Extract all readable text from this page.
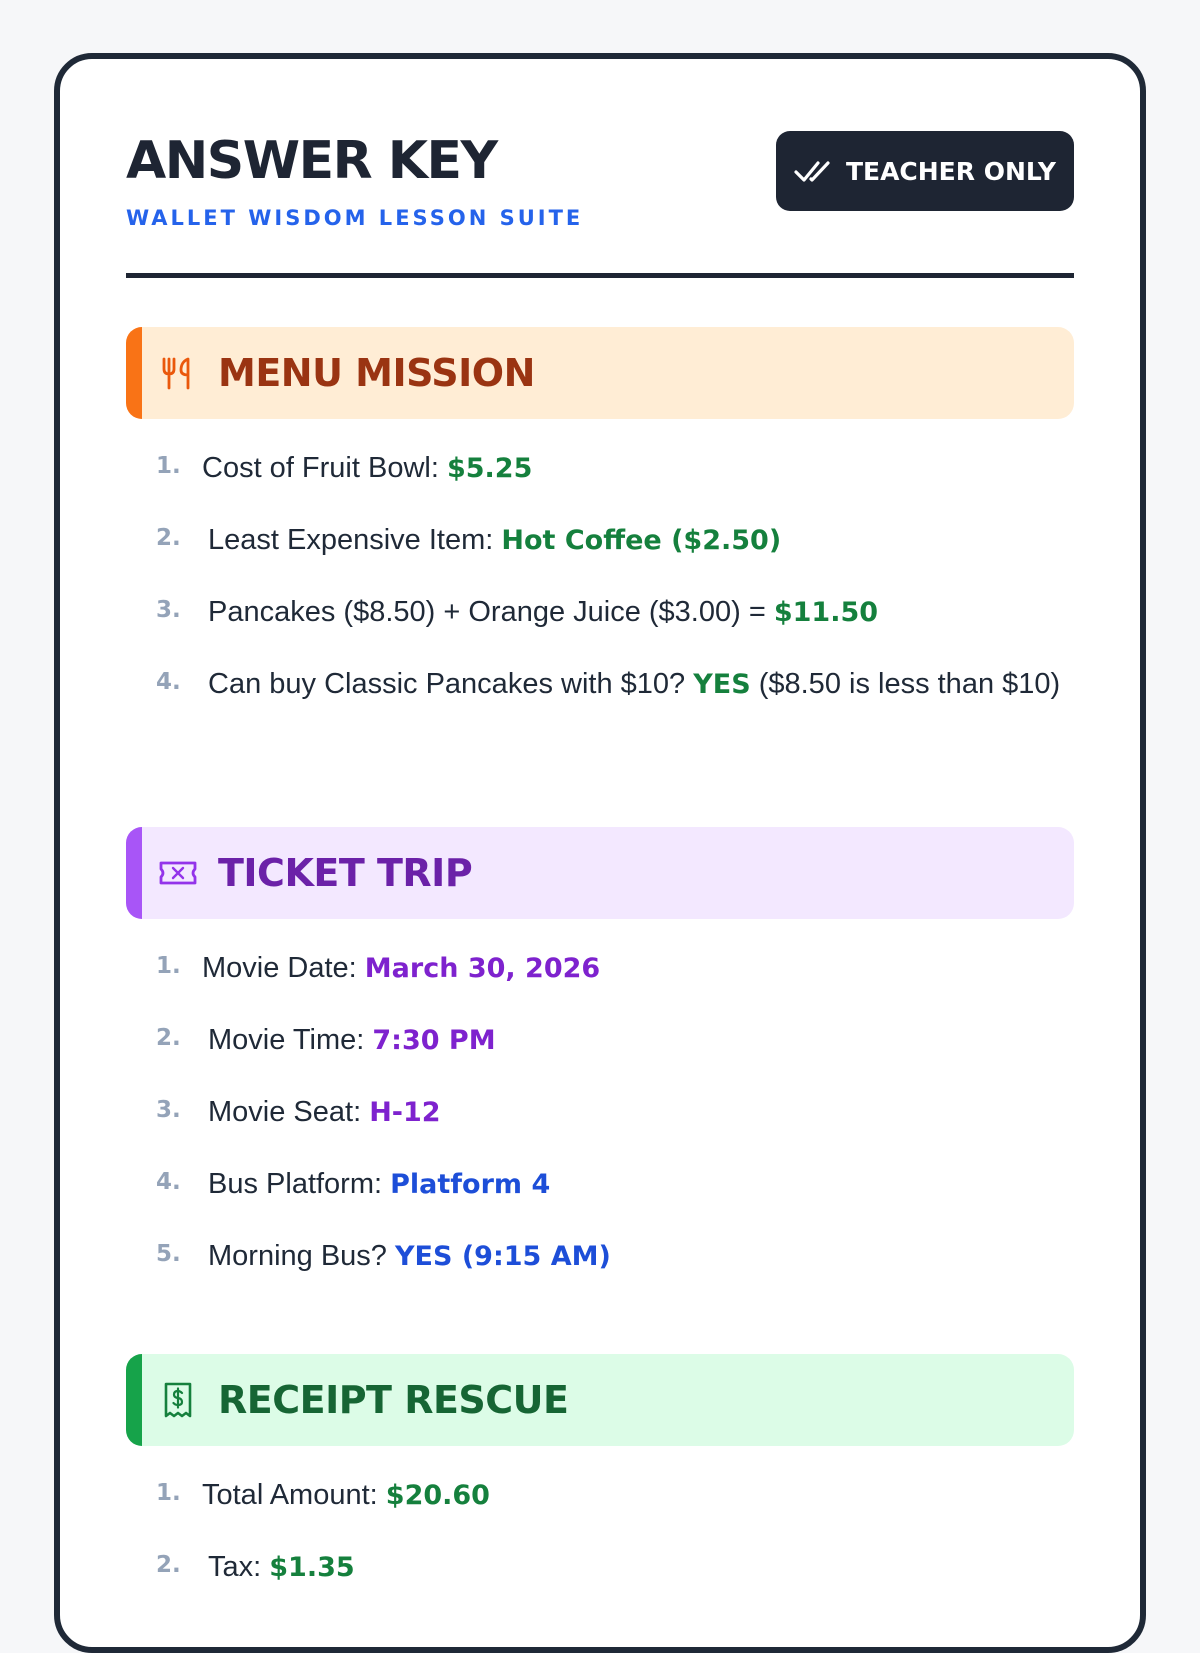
ANSWER KEY
WALLET WISDOM LESSON SUITE
TEACHER ONLY
MENU MISSION
1. Cost of Fruit Bowl: $5.25
2. Least Expensive Item: Hot Coffee ($2.50)
3. Pancakes ($8.50) + Orange Juice ($3.00) = $11.50
4. Can buy Classic Pancakes with $10? YES ($8.50 is less than $10)
TICKET TRIP
1. Movie Date: March 30, 2026
2. Movie Time: 7:30 PM
3. Movie Seat: H-12
4. Bus Platform: Platform 4
5. Morning Bus? YES (9:15 AM)
RECEIPT RESCUE
1. Total Amount: $20.60
2. Tax: $1.35
